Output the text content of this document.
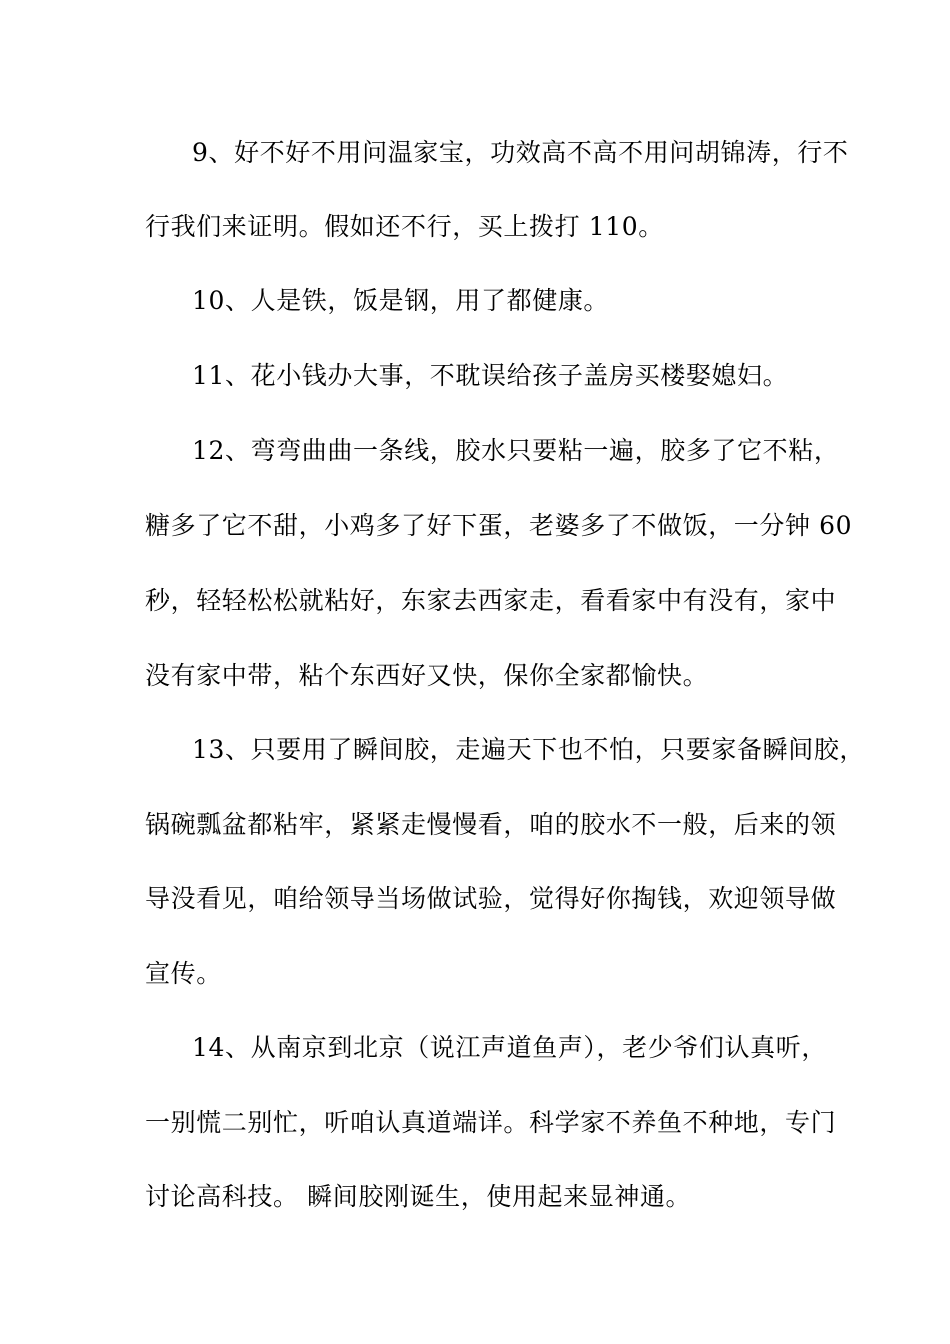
9、好不好不用问温家宝，功效高不高不用问胡锦涛，行不
行我们来证明。假如还不行，买上拨打 110。
10、人是铁，饭是钢，用了都健康。
11、花小钱办大事，不耽误给孩子盖房买楼娶媳妇。
12、弯弯曲曲一条线，胶水只要粘一遍，胶多了它不粘，
糖多了它不甜，小鸡多了好下蛋，老婆多了不做饭，一分钟 60
秒，轻轻松松就粘好，东家去西家走，看看家中有没有，家中
没有家中带，粘个东西好又快，保你全家都愉快。
13、只要用了瞬间胶，走遍天下也不怕，只要家备瞬间胶，
锅碗瓢盆都粘牢，紧紧走慢慢看，咱的胶水不一般，后来的领
导没看见，咱给领导当场做试验，觉得好你掏钱，欢迎领导做
宣传。
14、从南京到北京（说江声道鱼声），老少爷们认真听，
一别慌二别忙，听咱认真道端详。科学家不养鱼不种地，专门
讨论高科技。 瞬间胶刚诞生，使用起来显神通。
